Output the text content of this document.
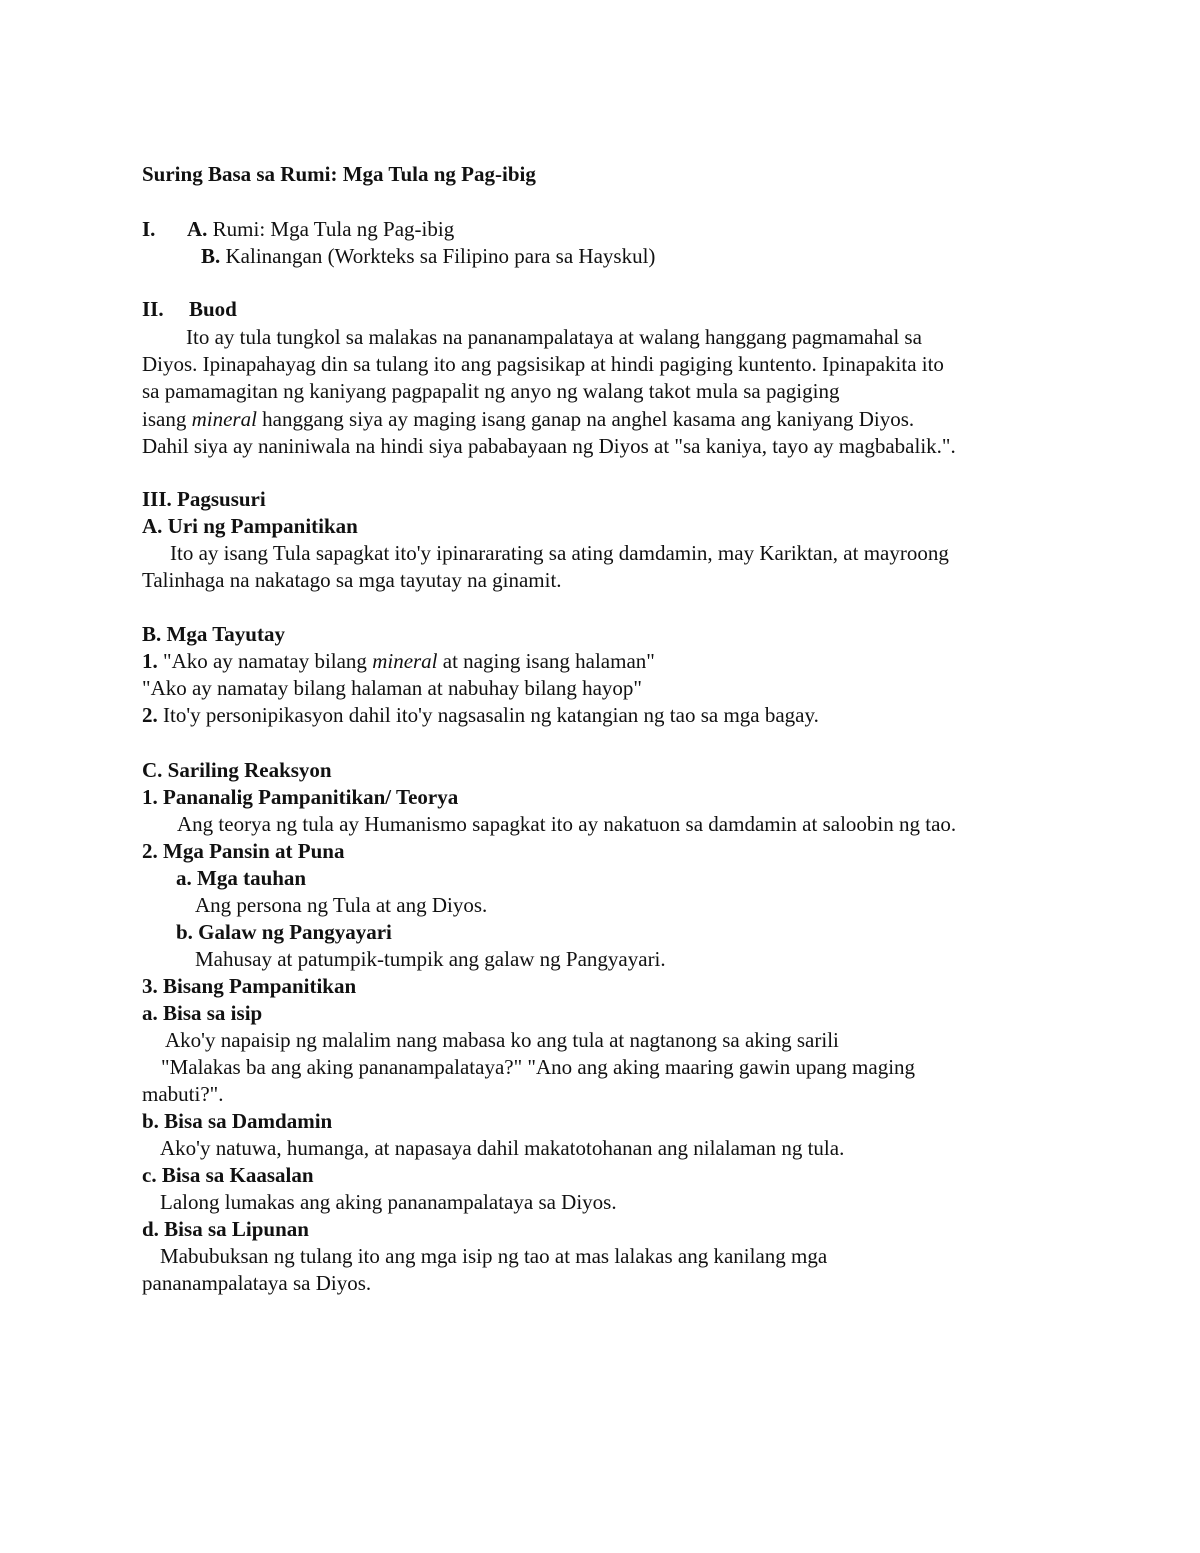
Suring Basa sa Rumi: Mga Tula ng Pag-ibig
I. A. Rumi: Mga Tula ng Pag-ibig
B. Kalinangan (Workteks sa Filipino para sa Hayskul)
II. Buod
Ito ay tula tungkol sa malakas na pananampalataya at walang hanggang pagmamahal sa
Diyos. Ipinapahayag din sa tulang ito ang pagsisikap at hindi pagiging kuntento. Ipinapakita ito
sa pamamagitan ng kaniyang pagpapalit ng anyo ng walang takot mula sa pagiging
isang mineral hanggang siya ay maging isang ganap na anghel kasama ang kaniyang Diyos.
Dahil siya ay naniniwala na hindi siya pababayaan ng Diyos at "sa kaniya, tayo ay magbabalik.".
III. Pagsusuri
A. Uri ng Pampanitikan
Ito ay isang Tula sapagkat ito'y ipinararating sa ating damdamin, may Kariktan, at mayroong
Talinhaga na nakatago sa mga tayutay na ginamit.
B. Mga Tayutay
1. "Ako ay namatay bilang mineral at naging isang halaman"
"Ako ay namatay bilang halaman at nabuhay bilang hayop"
2. Ito'y personipikasyon dahil ito'y nagsasalin ng katangian ng tao sa mga bagay.
C. Sariling Reaksyon
1. Pananalig Pampanitikan/ Teorya
Ang teorya ng tula ay Humanismo sapagkat ito ay nakatuon sa damdamin at saloobin ng tao.
2. Mga Pansin at Puna
a. Mga tauhan
Ang persona ng Tula at ang Diyos.
b. Galaw ng Pangyayari
Mahusay at patumpik-tumpik ang galaw ng Pangyayari.
3. Bisang Pampanitikan
a. Bisa sa isip
Ako'y napaisip ng malalim nang mabasa ko ang tula at nagtanong sa aking sarili
"Malakas ba ang aking pananampalataya?" "Ano ang aking maaring gawin upang maging
mabuti?".
b. Bisa sa Damdamin
Ako'y natuwa, humanga, at napasaya dahil makatotohanan ang nilalaman ng tula.
c. Bisa sa Kaasalan
Lalong lumakas ang aking pananampalataya sa Diyos.
d. Bisa sa Lipunan
Mabubuksan ng tulang ito ang mga isip ng tao at mas lalakas ang kanilang mga
pananampalataya sa Diyos.
